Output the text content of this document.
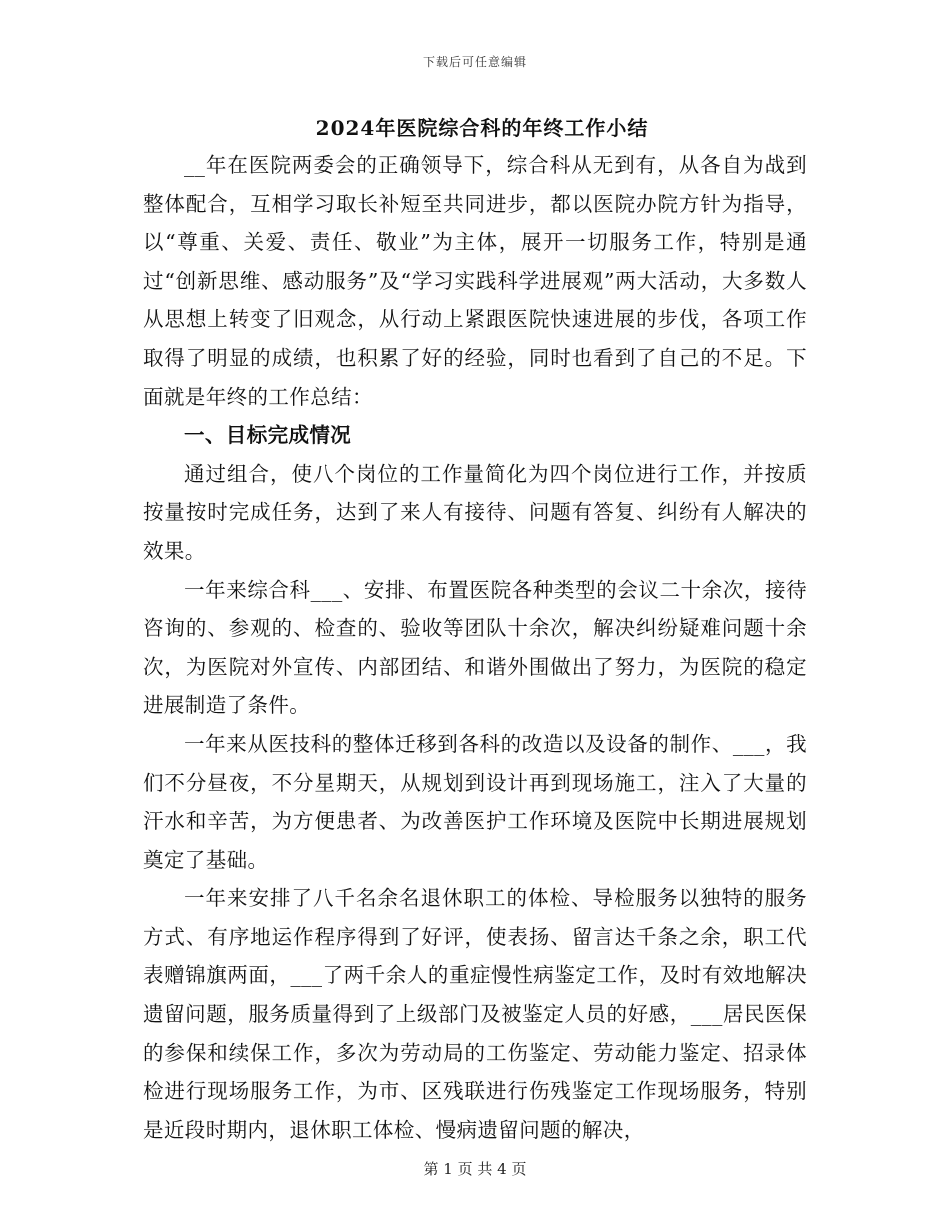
下载后可任意编辑
2024年医院综合科的年终工作小结

__年在医院两委会的正确领导下，综合科从无到有，从各自为战到整体配合，互相学习取长补短至共同进步，都以医院办院方针为指导，以“尊重、关爱、责任、敬业”为主体，展开一切服务工作，特别是通过“创新思维、感动服务”及“学习实践科学进展观”两大活动，大多数人从思想上转变了旧观念，从行动上紧跟医院快速进展的步伐，各项工作取得了明显的成绩，也积累了好的经验，同时也看到了自己的不足。下面就是年终的工作总结：

一、目标完成情况

通过组合，使八个岗位的工作量简化为四个岗位进行工作，并按质按量按时完成任务，达到了来人有接待、问题有答复、纠纷有人解决的效果。

一年来综合科___、安排、布置医院各种类型的会议二十余次，接待咨询的、参观的、检查的、验收等团队十余次，解决纠纷疑难问题十余次，为医院对外宣传、内部团结、和谐外围做出了努力，为医院的稳定进展制造了条件。

一年来从医技科的整体迁移到各科的改造以及设备的制作、___，我们不分昼夜，不分星期天，从规划到设计再到现场施工，注入了大量的汗水和辛苦，为方便患者、为改善医护工作环境及医院中长期进展规划奠定了基础。

一年来安排了八千名余名退休职工的体检、导检服务以独特的服务方式、有序地运作程序得到了好评，使表扬、留言达千条之余，职工代表赠锦旗两面，___了两千余人的重症慢性病鉴定工作，及时有效地解决遗留问题，服务质量得到了上级部门及被鉴定人员的好感，___居民医保的参保和续保工作，多次为劳动局的工伤鉴定、劳动能力鉴定、招录体检进行现场服务工作，为市、区残联进行伤残鉴定工作现场服务，特别是近段时期内，退休职工体检、慢病遗留问题的解决，

第 1 页 共 4 页
